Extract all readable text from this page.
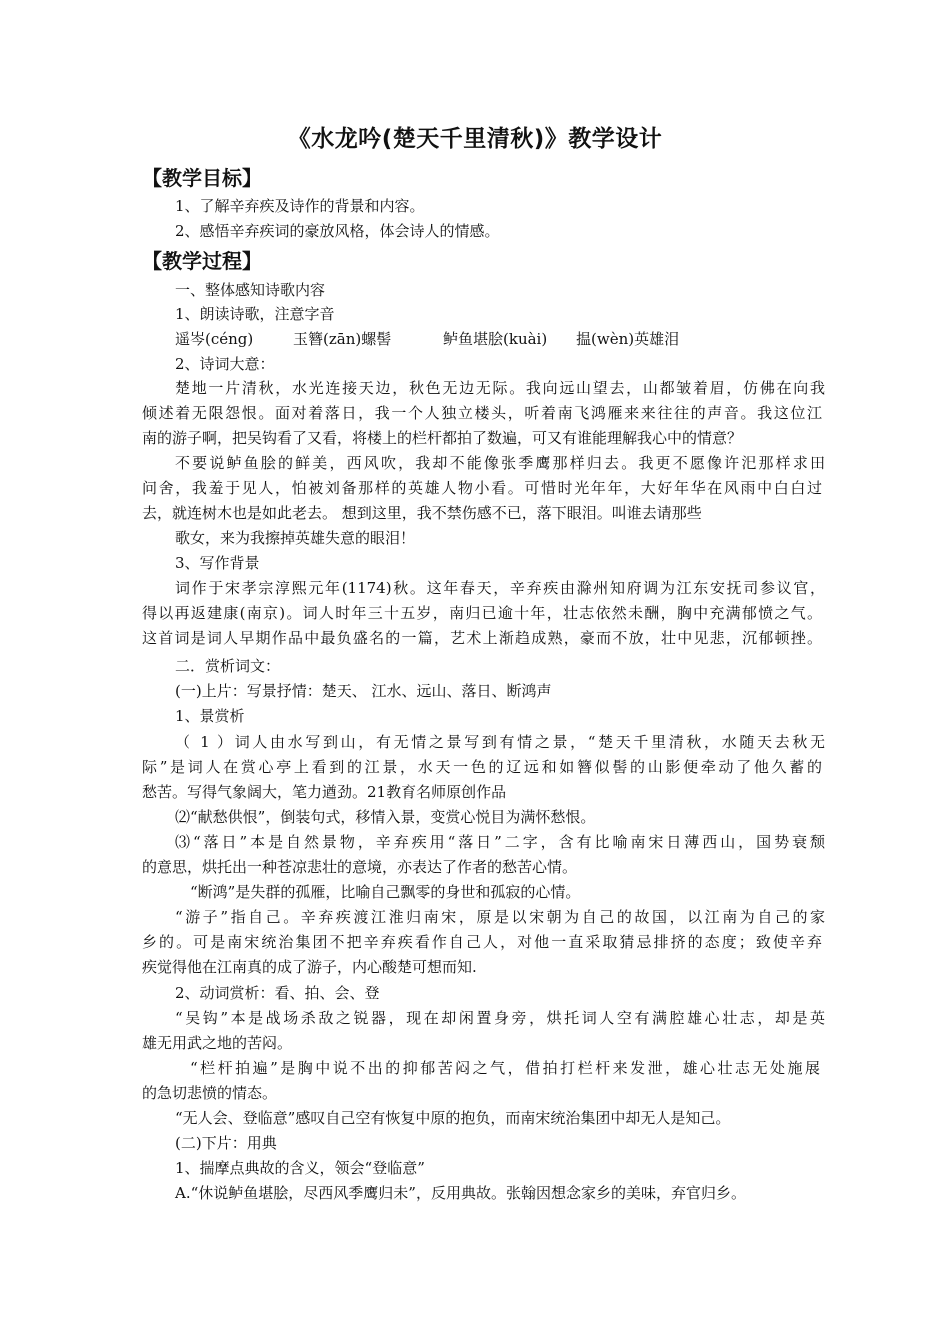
《水龙吟(楚天千里清秋)》教学设计
【教学目标】
1、了解辛弃疾及诗作的背景和内容。
2、感悟辛弃疾词的豪放风格，体会诗人的情感。
【教学过程】
一、整体感知诗歌内容
1、朗读诗歌，注意字音
遥岑(céng)	玉簪(zān)螺髻	鲈鱼堪脍(kuài) 揾(wèn)英雄泪
2、诗词大意：
楚地一片清秋，水光连接天边，秋色无边无际。我向远山望去，山都皱着眉，仿佛在向我
倾述着无限怨恨。面对着落日，我一个人独立楼头，听着南飞鸿雁来来往往的声音。我这位江
南的游子啊，把吴钩看了又看，将楼上的栏杆都拍了数遍，可又有谁能理解我心中的情意？
不要说鲈鱼脍的鲜美，西风吹，我却不能像张季鹰那样归去。我更不愿像许汜那样求田
问舍，我羞于见人，怕被刘备那样的英雄人物小看。可惜时光年年，大好年华在风雨中白白过
去，就连树木也是如此老去。 想到这里，我不禁伤感不已，落下眼泪。叫谁去请那些
歌女，来为我擦掉英雄失意的眼泪！
3、写作背景
词作于宋孝宗淳熙元年(1174)秋。这年春天，辛弃疾由滁州知府调为江东安抚司参议官，
得以再返建康(南京)。词人时年三十五岁，南归已逾十年，壮志依然未酬，胸中充满郁愤之气。
这首词是词人早期作品中最负盛名的一篇，艺术上渐趋成熟，豪而不放，壮中见悲，沉郁顿挫。
二．赏析词文：
(一)上片：写景抒情：楚天、 江水、远山、落日、断鸿声
1、景赏析
（ 1 ）词人由水写到山，有无情之景写到有情之景，“楚天千里清秋，水随天去秋无
际”是词人在赏心亭上看到的江景，水天一色的辽远和如簪似髻的山影便牵动了他久蓄的
愁苦。写得气象阔大，笔力遒劲。21教育名师原创作品
⑵“献愁供恨”，倒装句式，移情入景，变赏心悦目为满怀愁恨。
⑶“落日”本是自然景物，辛弃疾用“落日”二字，含有比喻南宋日薄西山，国势衰颓
的意思，烘托出一种苍凉悲壮的意境，亦表达了作者的愁苦心情。
“断鸿”是失群的孤雁，比喻自己飘零的身世和孤寂的心情。
“游子”指自己。辛弃疾渡江淮归南宋，原是以宋朝为自己的故国，以江南为自己的家
乡的。可是南宋统治集团不把辛弃疾看作自己人，对他一直采取猜忌排挤的态度；致使辛弃
疾觉得他在江南真的成了游子，内心酸楚可想而知.
2、动词赏析：看、拍、会、登
“吴钩”本是战场杀敌之锐器，现在却闲置身旁，烘托词人空有满腔雄心壮志，却是英
雄无用武之地的苦闷。
“栏杆拍遍”是胸中说不出的抑郁苦闷之气，借拍打栏杆来发泄，雄心壮志无处施展
的急切悲愤的情态。
“无人会、登临意”感叹自己空有恢复中原的抱负，而南宋统治集团中却无人是知己。
(二)下片：用典
1、揣摩点典故的含义，领会“登临意”
A.“休说鲈鱼堪脍，尽西风季鹰归未”，反用典故。张翰因想念家乡的美味，弃官归乡。
